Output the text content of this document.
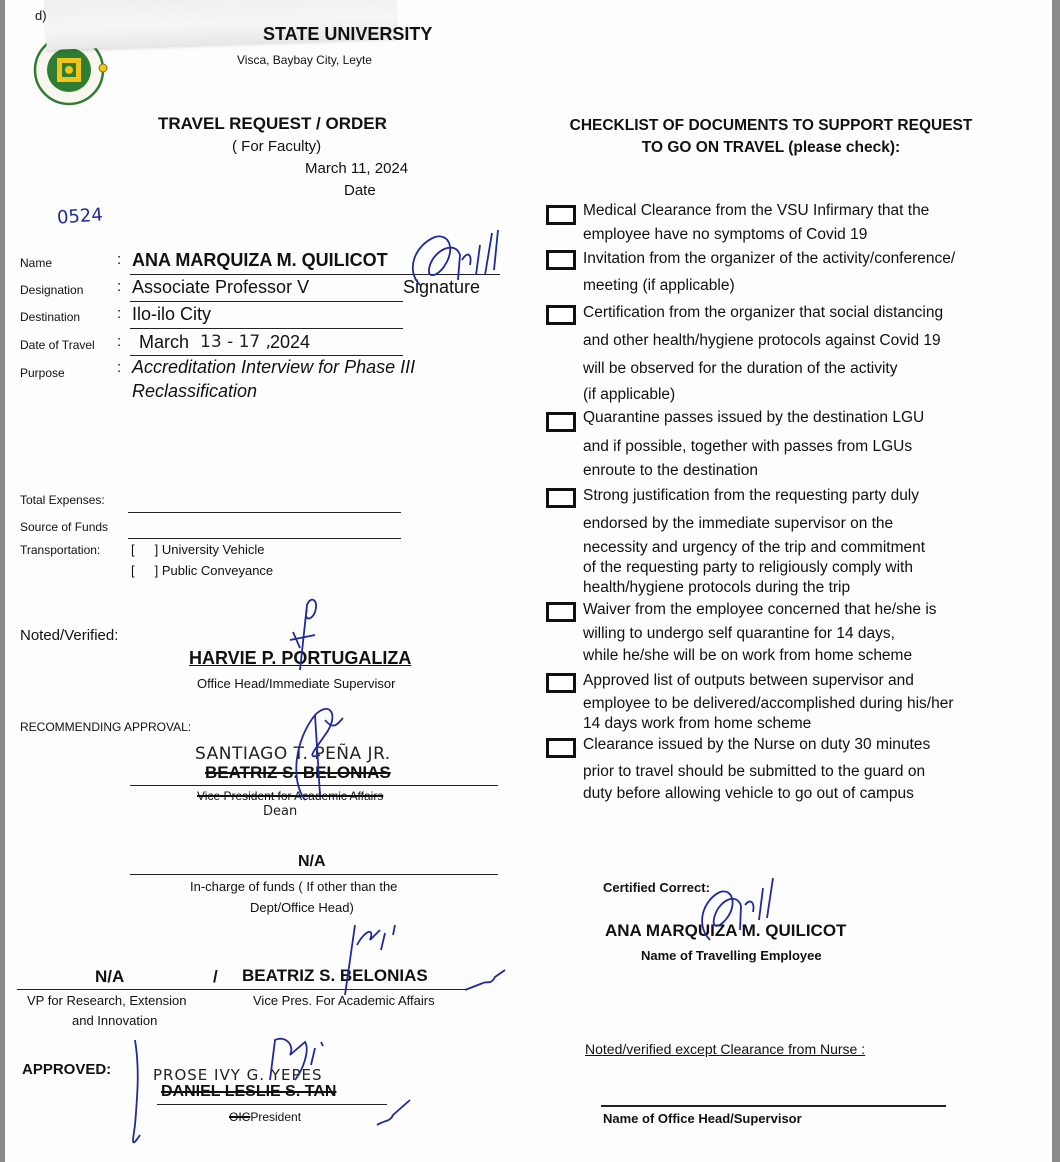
d)
STATE UNIVERSITY
Visca, Baybay City, Leyte
TRAVEL REQUEST / ORDER
( For Faculty)
March 11, 2024
Date
0524
Name	: ANA MARQUIZA M. QUILICOT
Designation : Associate Professor V	Signature
Destination : Ilo-ilo City
Date of Travel : March 13 - 17 ,
2024
Purpose	: Accreditation Interview for Phase III
Reclassification
Total Expenses:
Source of Funds
Transportation: [ ] University Vehicle
[ ] Public Conveyance
Noted/Verified:
HARVIE P. PORTUGALIZA
Office Head/Immediate Supervisor
RECOMMENDING APPROVAL:
SANTIAGO T. PEÑA JR.
BEATRIZ S. BELONIAS
Vice President for Academic Affairs
Dean
N/A
In-charge of funds ( If other than the
Dept/Office Head)
N/A	/ BEATRIZ S. BELONIAS
VP for Research, Extension
and Innovation
Vice Pres. For Academic Affairs
APPROVED:	PROSE IVY G. YEPES
DANIEL LESLIE S. TAN
OICPresident
CHECKLIST OF DOCUMENTS TO SUPPORT REQUEST
TO GO ON TRAVEL (please check):
Medical Clearance from the VSU Infirmary that the
employee have no symptoms of Covid 19
Invitation from the organizer of the activity/conference/
meeting (if applicable)
Certification from the organizer that social distancing
and other health/hygiene protocols against Covid 19
will be observed for the duration of the activity
(if applicable)
Quarantine passes issued by the destination LGU
and if possible, together with passes from LGUs
enroute to the destination
Strong justification from the requesting party duly
endorsed by the immediate supervisor on the
necessity and urgency of the trip and commitment
of the requesting party to religiously comply with
health/hygiene protocols during the trip
Waiver from the employee concerned that he/she is
willing to undergo self quarantine for 14 days,
while he/she will be on work from home scheme
Approved list of outputs between supervisor and
employee to be delivered/accomplished during his/her
14 days work from home scheme
Clearance issued by the Nurse on duty 30 minutes
prior to travel should be submitted to the guard on
duty before allowing vehicle to go out of campus
Certified Correct:
ANA MARQUIZA M. QUILICOT
Name of Travelling Employee
Noted/verified except Clearance from Nurse :
Name of Office Head/Supervisor
